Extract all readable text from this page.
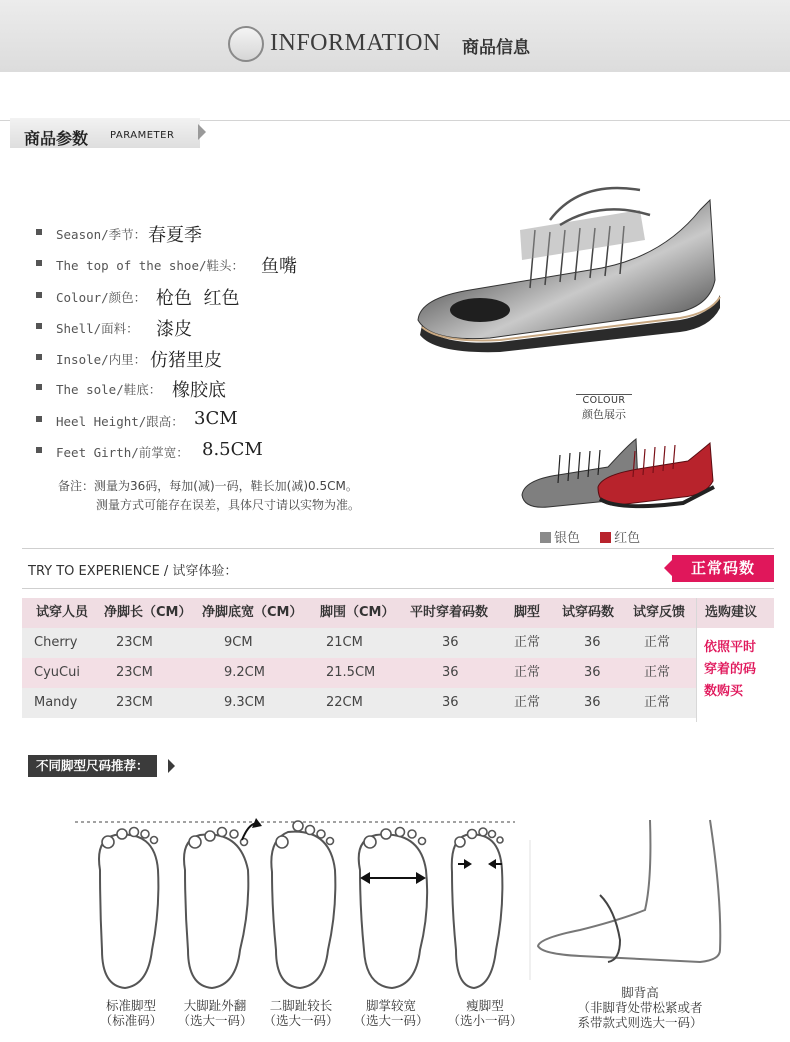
INFORMATION 商品信息
商品参数 PARAMETER
Season/季节： 春夏季
The top of the shoe/鞋头： 鱼嘴
Colour/颜色： 枪色  红色
Shell/面料： 漆皮
Insole/内里： 仿猪里皮
The sole/鞋底： 橡胶底
Heel Height/跟高： 3CM
Feet Girth/前掌宽： 8.5CM
备注：测量为36码，每加(减)一码，鞋长加(减)0.5CM。
测量方式可能存在误差，具体尺寸请以实物为准。
COLOUR
颜色展示
银色	红色
TRY TO EXPERIENCE / 试穿体验：	正常码数
试穿人员 净脚长（CM） 净脚底宽（CM） 脚围（CM） 平时穿着码数 脚型 试穿码数 试穿反馈 选购建议
Cherry	23CM	9CM	21CM	36	正常	36	正常
CyuCui	23CM	9.2CM	21.5CM	36	正常	36	正常
Mandy	23CM	9.3CM	22CM	36	正常	36	正常
依照平时
穿着的码
数购买
不同脚型尺码推荐：
标准脚型
（标准码）
大脚趾外翻
（选大一码）
二脚趾较长
（选大一码）
脚掌较宽
（选大一码）
瘦脚型
（选小一码）
脚背高
（非脚背处带松紧或者
系带款式则选大一码）
